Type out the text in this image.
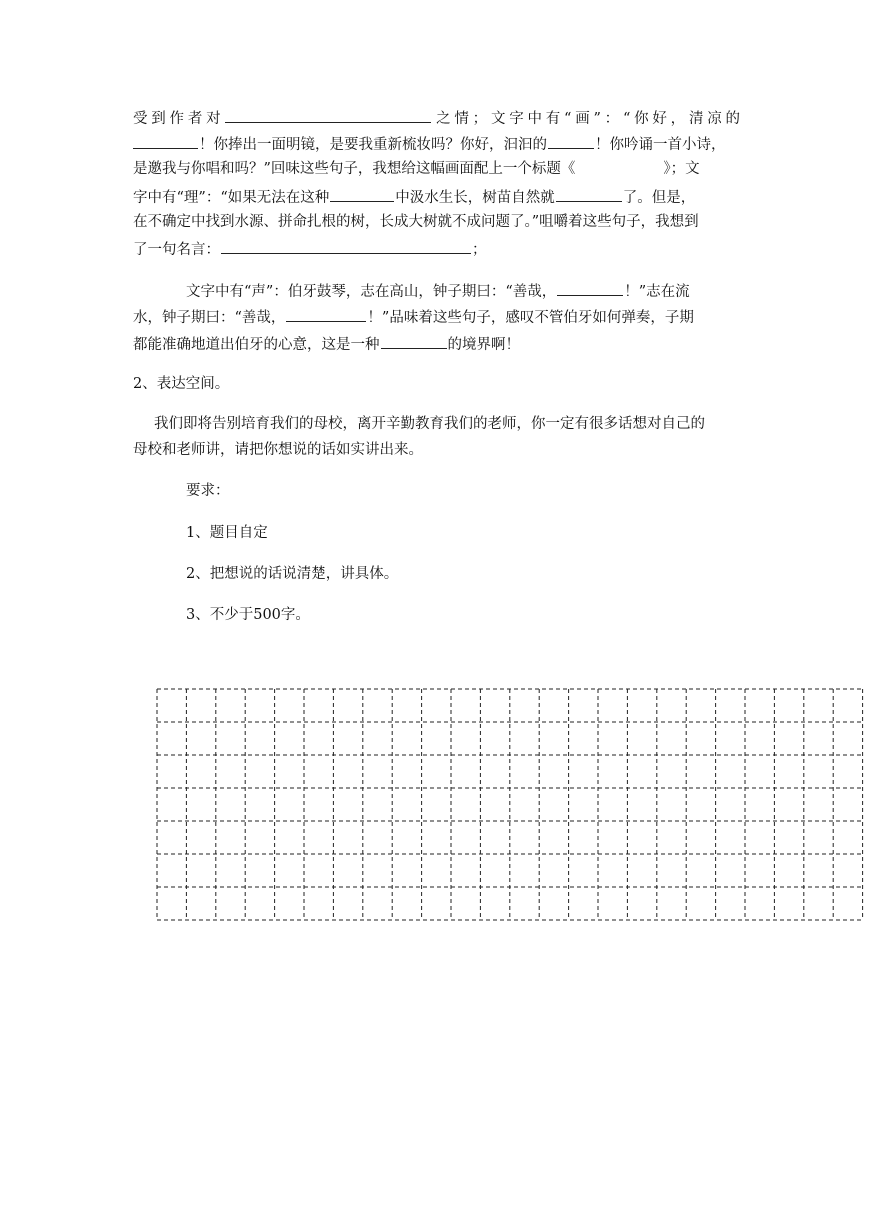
受到作者对	之情；文字中有“画”：“你好，清凉的
！你捧出一面明镜，是要我重新梳妆吗？你好，汩汩的	！你吟诵一首小诗，
是邀我与你唱和吗？”回味这些句子，我想给这幅画面配上一个标题《	》；文
字中有“理”：“如果无法在这种	中汲水生长，树苗自然就	了。但是，
在不确定中找到水源、拼命扎根的树，长成大树就不成问题了。”咀嚼着这些句子，我想到
了一句名言：	；
文字中有“声”：伯牙鼓琴，志在高山，钟子期曰：“善哉，	！”志在流
水，钟子期曰：“善哉，	！”品味着这些句子，感叹不管伯牙如何弹奏，子期
都能准确地道出伯牙的心意，这是一种	的境界啊！
2、表达空间。
我们即将告别培育我们的母校，离开辛勤教育我们的老师，你一定有很多话想对自己的
母校和老师讲，请把你想说的话如实讲出来。
要求：
1、题目自定
2、把想说的话说清楚，讲具体。
3、不少于500字。
